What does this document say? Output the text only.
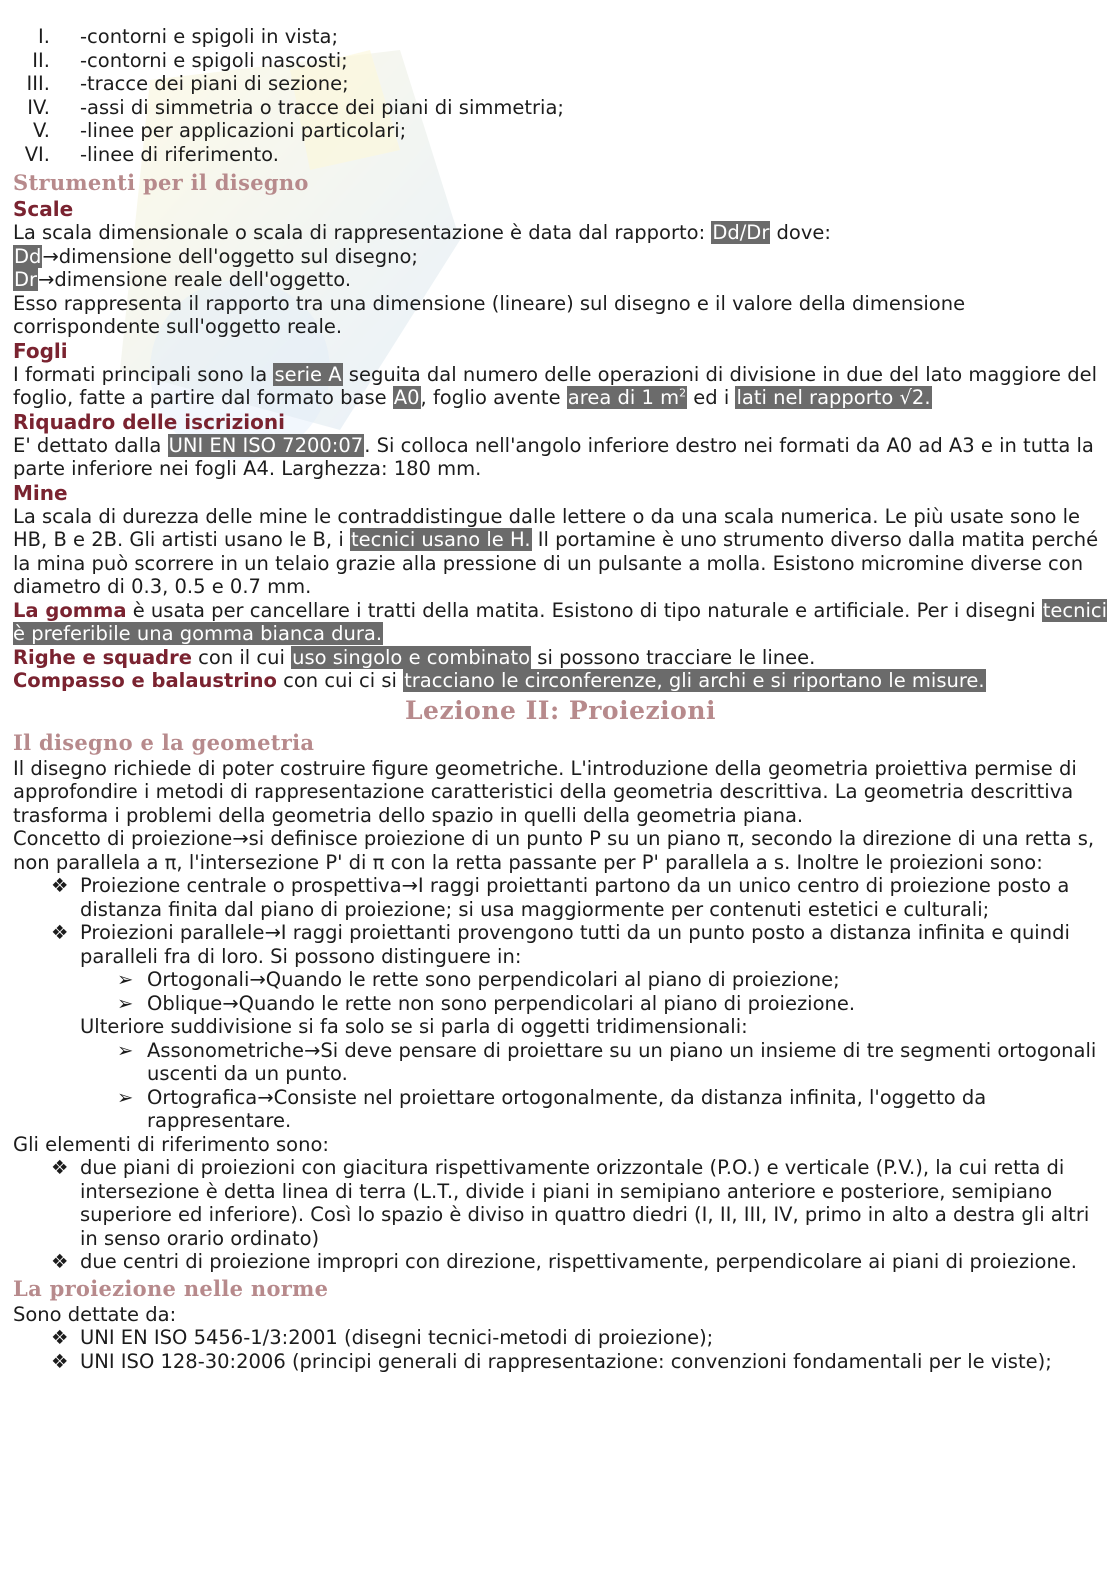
I. -contorni e spigoli in vista;
II. -contorni e spigoli nascosti;
III. -tracce dei piani di sezione;
IV. -assi di simmetria o tracce dei piani di simmetria;
V. -linee per applicazioni particolari;
VI. -linee di riferimento.
Strumenti per il disegno
Scale

La scala dimensionale o scala di rappresentazione è data dal rapporto: Dd/Dr dove:

Dd→dimensione dell'oggetto sul disegno;

Dr→dimensione reale dell'oggetto.

Esso rappresenta il rapporto tra una dimensione (lineare) sul disegno e il valore della dimensione corrispondente sull'oggetto reale.

Fogli

I formati principali sono la serie A seguita dal numero delle operazioni di divisione in due del lato maggiore del foglio, fatte a partire dal formato base A0, foglio avente area di 1 $m^2$ ed i lati nel rapporto √2.

Riquadro delle iscrizioni

E' dettato dalla UNI EN ISO 7200:07. Si colloca nell'angolo inferiore destro nei formati da A0 ad A3 e in tutta la parte inferiore nei fogli A4. Larghezza: 180 mm.

Mine

La scala di durezza delle mine le contraddistingue dalle lettere o da una scala numerica. Le più usate sono le HB, B e 2B. Gli artisti usano le B, i tecnici usano le H. Il portamine è uno strumento diverso dalla matita perché la mina può scorrere in un telaio grazie alla pressione di un pulsante a molla. Esistono micromine diverse con diametro di 0.3, 0.5 e 0.7 mm.

La gomma è usata per cancellare i tratti della matita. Esistono di tipo naturale e artificiale. Per i disegni tecnici è preferibile una gomma bianca dura.

Righe e squadre con il cui uso singolo e combinato si possono tracciare le linee.

Compasso e balaustrino con cui ci si tracciano le circonferenze, gli archi e si riportano le misure.

Lezione II: Proiezioni
Il disegno e la geometria

Il disegno richiede di poter costruire figure geometriche. L'introduzione della geometria proiettiva permise di approfondire i metodi di rappresentazione caratteristici della geometria descrittiva. La geometria descrittiva trasforma i problemi della geometria dello spazio in quelli della geometria piana.

Concetto di proiezione→si definisce proiezione di un punto P su un piano π, secondo la direzione di una retta s, non parallela a π, l'intersezione P' di π con la retta passante per P' parallela a s. Inoltre le proiezioni sono:

❖ Proiezione centrale o prospettiva→I raggi proiettanti partono da un unico centro di proiezione posto a distanza finita dal piano di proiezione; si usa maggiormente per contenuti estetici e culturali;
❖ Proiezioni parallele→I raggi proiettanti provengono tutti da un punto posto a distanza infinita e quindi paralleli fra di loro. Si possono distinguere in:
➢ Ortogonali→Quando le rette sono perpendicolari al piano di proiezione;
➢ Oblique→Quando le rette non sono perpendicolari al piano di proiezione.

Ulteriore suddivisione si fa solo se si parla di oggetti tridimensionali:

➢ Assonometriche→Si deve pensare di proiettare su un piano un insieme di tre segmenti ortogonali uscenti da un punto.
➢ Ortografica→Consiste nel proiettare ortogonalmente, da distanza infinita, l'oggetto da rappresentare.

Gli elementi di riferimento sono:

❖ due piani di proiezioni con giacitura rispettivamente orizzontale (P.O.) e verticale (P.V.), la cui retta di intersezione è detta linea di terra (L.T., divide i piani in semipiano anteriore e posteriore, semipiano superiore ed inferiore). Così lo spazio è diviso in quattro diedri (I, II, III, IV, primo in alto a destra gli altri in senso orario ordinato)
❖ due centri di proiezione impropri con direzione, rispettivamente, perpendicolare ai piani di proiezione.
La proiezione nelle norme

Sono dettate da:

❖ UNI EN ISO 5456-1/3:2001 (disegni tecnici-metodi di proiezione);
❖ UNI ISO 128-30:2006 (principi generali di rappresentazione: convenzioni fondamentali per le viste);
